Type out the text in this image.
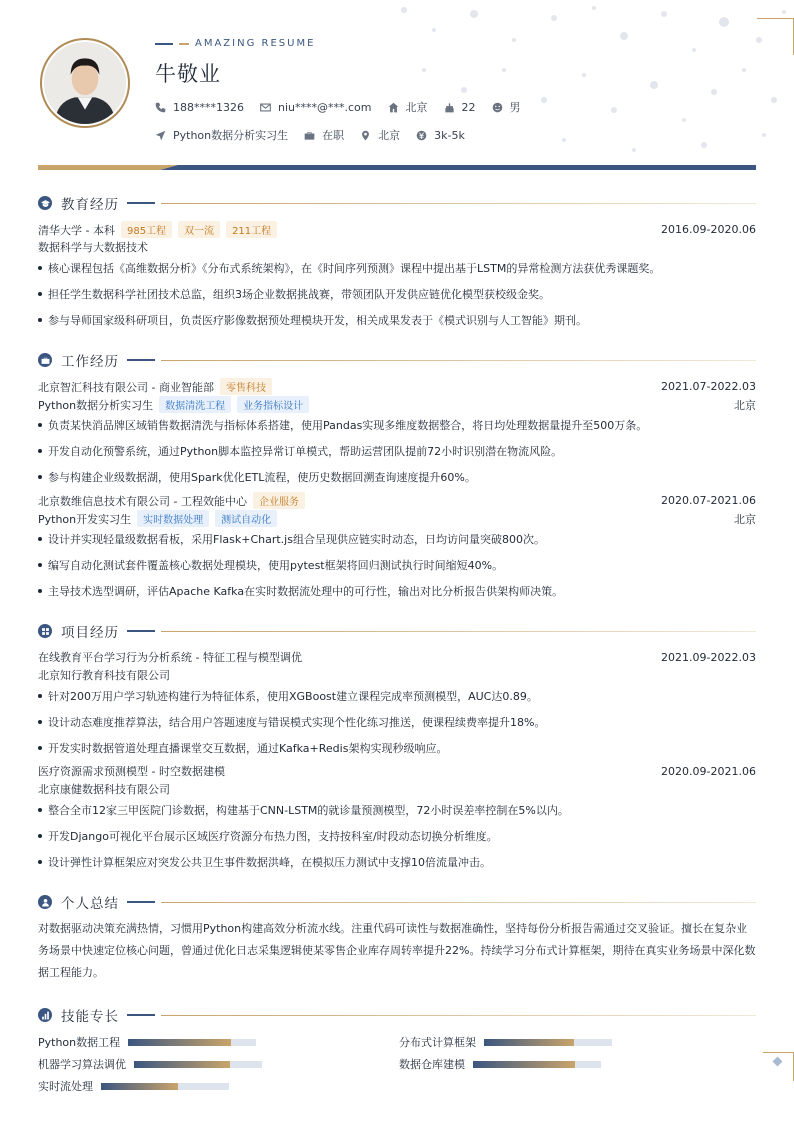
AMAZING RESUME
牛敬业
188****1326	niu****@***.com	北京	22	男
Python数据分析实习生	在职	北京	3k-5k
教育经历
清华大学 - 本科	985工程	双一流	211工程	2016.09-2020.06
数据科学与大数据技术
核心课程包括《高维数据分析》《分布式系统架构》，在《时间序列预测》课程中提出基于LSTM的异常检测方法获优秀课题奖。
担任学生数据科学社团技术总监，组织3场企业数据挑战赛，带领团队开发供应链优化模型获校级金奖。
参与导师国家级科研项目，负责医疗影像数据预处理模块开发，相关成果发表于《模式识别与人工智能》期刊。
工作经历
北京智汇科技有限公司 - 商业智能部	零售科技	2021.07-2022.03
Python数据分析实习生	数据清洗工程	业务指标设计	北京
负责某快消品牌区域销售数据清洗与指标体系搭建，使用Pandas实现多维度数据整合，将日均处理数据量提升至500万条。
开发自动化预警系统，通过Python脚本监控异常订单模式，帮助运营团队提前72小时识别潜在物流风险。
参与构建企业级数据湖，使用Spark优化ETL流程，使历史数据回溯查询速度提升60%。
北京数维信息技术有限公司 - 工程效能中心	企业服务	2020.07-2021.06
Python开发实习生	实时数据处理	测试自动化	北京
设计并实现轻量级数据看板，采用Flask+Chart.js组合呈现供应链实时动态，日均访问量突破800次。
编写自动化测试套件覆盖核心数据处理模块，使用pytest框架将回归测试执行时间缩短40%。
主导技术选型调研，评估Apache Kafka在实时数据流处理中的可行性，输出对比分析报告供架构师决策。
项目经历
在线教育平台学习行为分析系统 - 特征工程与模型调优	2021.09-2022.03
北京知行教育科技有限公司
针对200万用户学习轨迹构建行为特征体系，使用XGBoost建立课程完成率预测模型，AUC达0.89。
设计动态难度推荐算法，结合用户答题速度与错误模式实现个性化练习推送，使课程续费率提升18%。
开发实时数据管道处理直播课堂交互数据，通过Kafka+Redis架构实现秒级响应。
医疗资源需求预测模型 - 时空数据建模	2020.09-2021.06
北京康健数据科技有限公司
整合全市12家三甲医院门诊数据，构建基于CNN-LSTM的就诊量预测模型，72小时误差率控制在5%以内。
开发Django可视化平台展示区域医疗资源分布热力图，支持按科室/时段动态切换分析维度。
设计弹性计算框架应对突发公共卫生事件数据洪峰，在模拟压力测试中支撑10倍流量冲击。
个人总结
对数据驱动决策充满热情，习惯用Python构建高效分析流水线。注重代码可读性与数据准确性，坚持每份分析报告需通过交叉验证。擅长在复杂业务场景中快速定位核心问题，曾通过优化日志采集逻辑使某零售企业库存周转率提升22%。持续学习分布式计算框架，期待在真实业务场景中深化数据工程能力。
技能专长
Python数据工程	分布式计算框架
机器学习算法调优	数据仓库建模
实时流处理
